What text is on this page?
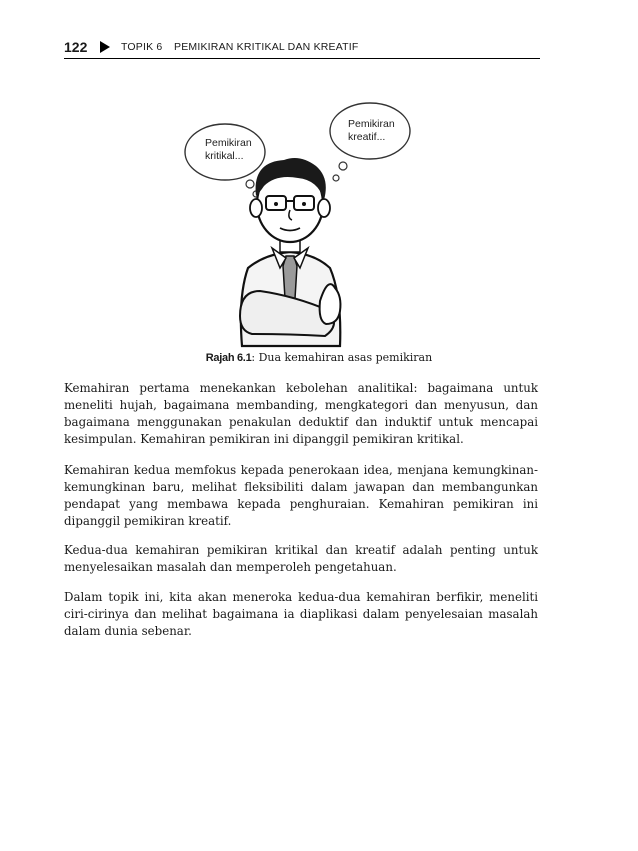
122	TOPIK 6 PEMIKIRAN KRITIKAL DAN KREATIF
Pemikiran
kritikal...
Pemikiran
kreatif...
Rajah 6.1: Dua kemahiran asas pemikiran

Kemahiran pertama menekankan kebolehan analitikal: bagaimana untuk meneliti hujah, bagaimana membanding, mengkategori dan menyusun, dan bagaimana menggunakan penakulan deduktif dan induktif untuk mencapai kesimpulan. Kemahiran pemikiran ini dipanggil pemikiran kritikal.

Kemahiran kedua memfokus kepada penerokaan idea, menjana kemungkinan-kemungkinan baru, melihat fleksibiliti dalam jawapan dan membangunkan pendapat yang membawa kepada penghuraian. Kemahiran pemikiran ini dipanggil pemikiran kreatif.

Kedua-dua kemahiran pemikiran kritikal dan kreatif adalah penting untuk menyelesaikan masalah dan memperoleh pengetahuan.

Dalam topik ini, kita akan meneroka kedua-dua kemahiran berfikir, meneliti ciri-cirinya dan melihat bagaimana ia diaplikasi dalam penyelesaian masalah dalam dunia sebenar.
